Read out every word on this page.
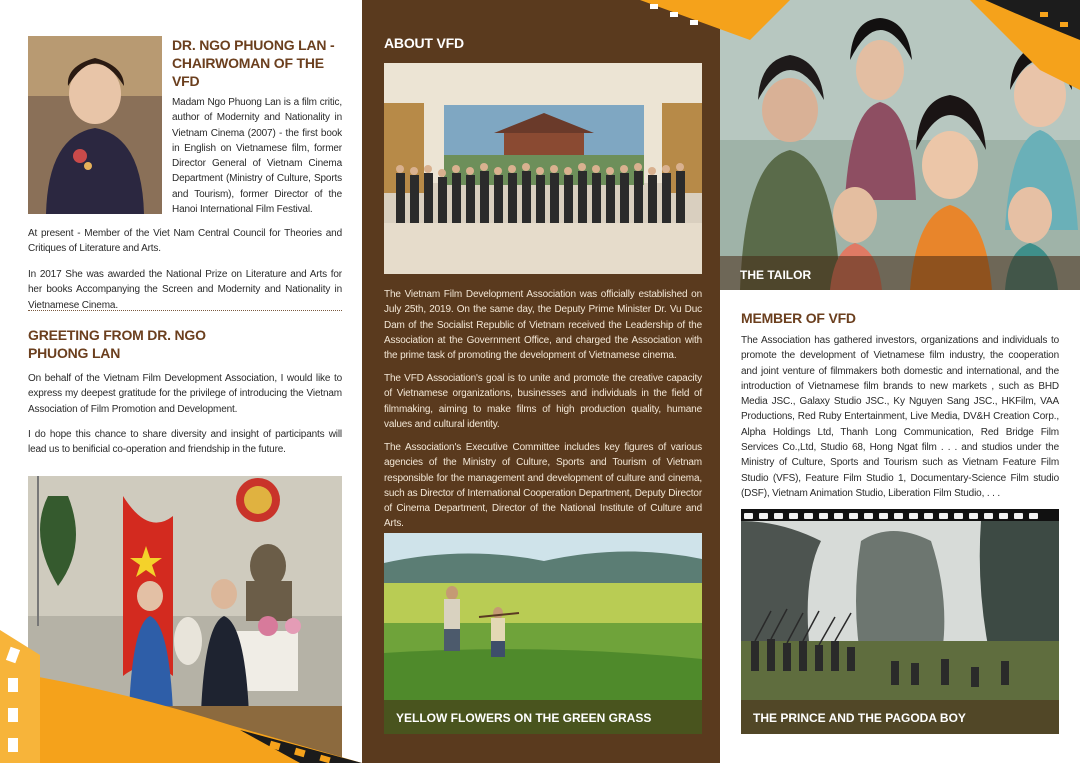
DR. NGO PHUONG LAN - CHAIRWOMAN OF THE VFD

Madam Ngo Phuong Lan is a film critic, author of Modernity and Nationality in Vietnam Cinema (2007) - the first book in English on Vietnamese film, former Director General of Vietnam Cinema Department (Ministry of Culture, Sports and Tourism), former Director of the Hanoi International Film Festival.

At present - Member of the Viet Nam Central Council for Theories and Critiques of Literature and Arts.

In 2017 She was awarded the National Prize on Literature and Arts for her books Accompanying the Screen and Modernity and Nationality in Vietnamese Cinema.

GREETING FROM DR. NGO PHUONG LAN

On behalf of the Vietnam Film Development Association, I would like to express my deepest gratitude for the privilege of introducing the Vietnam Association of Film Promotion and Development.

I do hope this chance to share diversity and insight of participants will lead us to benificial co-operation and friendship in the future.

ABOUT VFD

The Vietnam Film Development Association was officially established on July 25th, 2019. On the same day, the Deputy Prime Minister Dr. Vu Duc Dam of the Socialist Republic of Vietnam received the Leadership of the Association at the Government Office, and charged the Association with the prime task of promoting the development of Vietnamese cinema.

The VFD Association's goal is to unite and promote the creative capacity of Vietnamese organizations, businesses and individuals in the field of filmmaking, aiming to make films of high production quality, humane values and cultural identity.

The Association's Executive Committee includes key figures of various agencies of the Ministry of Culture, Sports and Tourism of Vietnam responsible for the management and development of culture and cinema, such as Director of International Cooperation Department, Deputy Director of Cinema Department, Director of the National Institute of Culture and Arts.

YELLOW FLOWERS ON THE GREEN GRASS
THE TAILOR
MEMBER OF VFD

The Association has gathered investors, organizations and individuals to promote the development of Vietnamese film industry, the cooperation and joint venture of filmmakers both domestic and international, and the introduction of Vietnamese film brands to new markets , such as BHD Media JSC., Galaxy Studio JSC., Ky Nguyen Sang JSC., HKFilm, VAA Productions, Red Ruby Entertainment, Live Media, DV&H Creation Corp., Alpha Holdings Ltd, Thanh Long Communication, Red Bridge Film Services Co.,Ltd, Studio 68, Hong Ngat film . . . and studios under the Ministry of Culture, Sports and Tourism such as Vietnam Feature Film Studio (VFS), Feature Film Studio 1, Documentary-Science Film studio (DSF), Vietnam Animation Studio, Liberation Film Studio, . . .

THE PRINCE AND THE PAGODA BOY
